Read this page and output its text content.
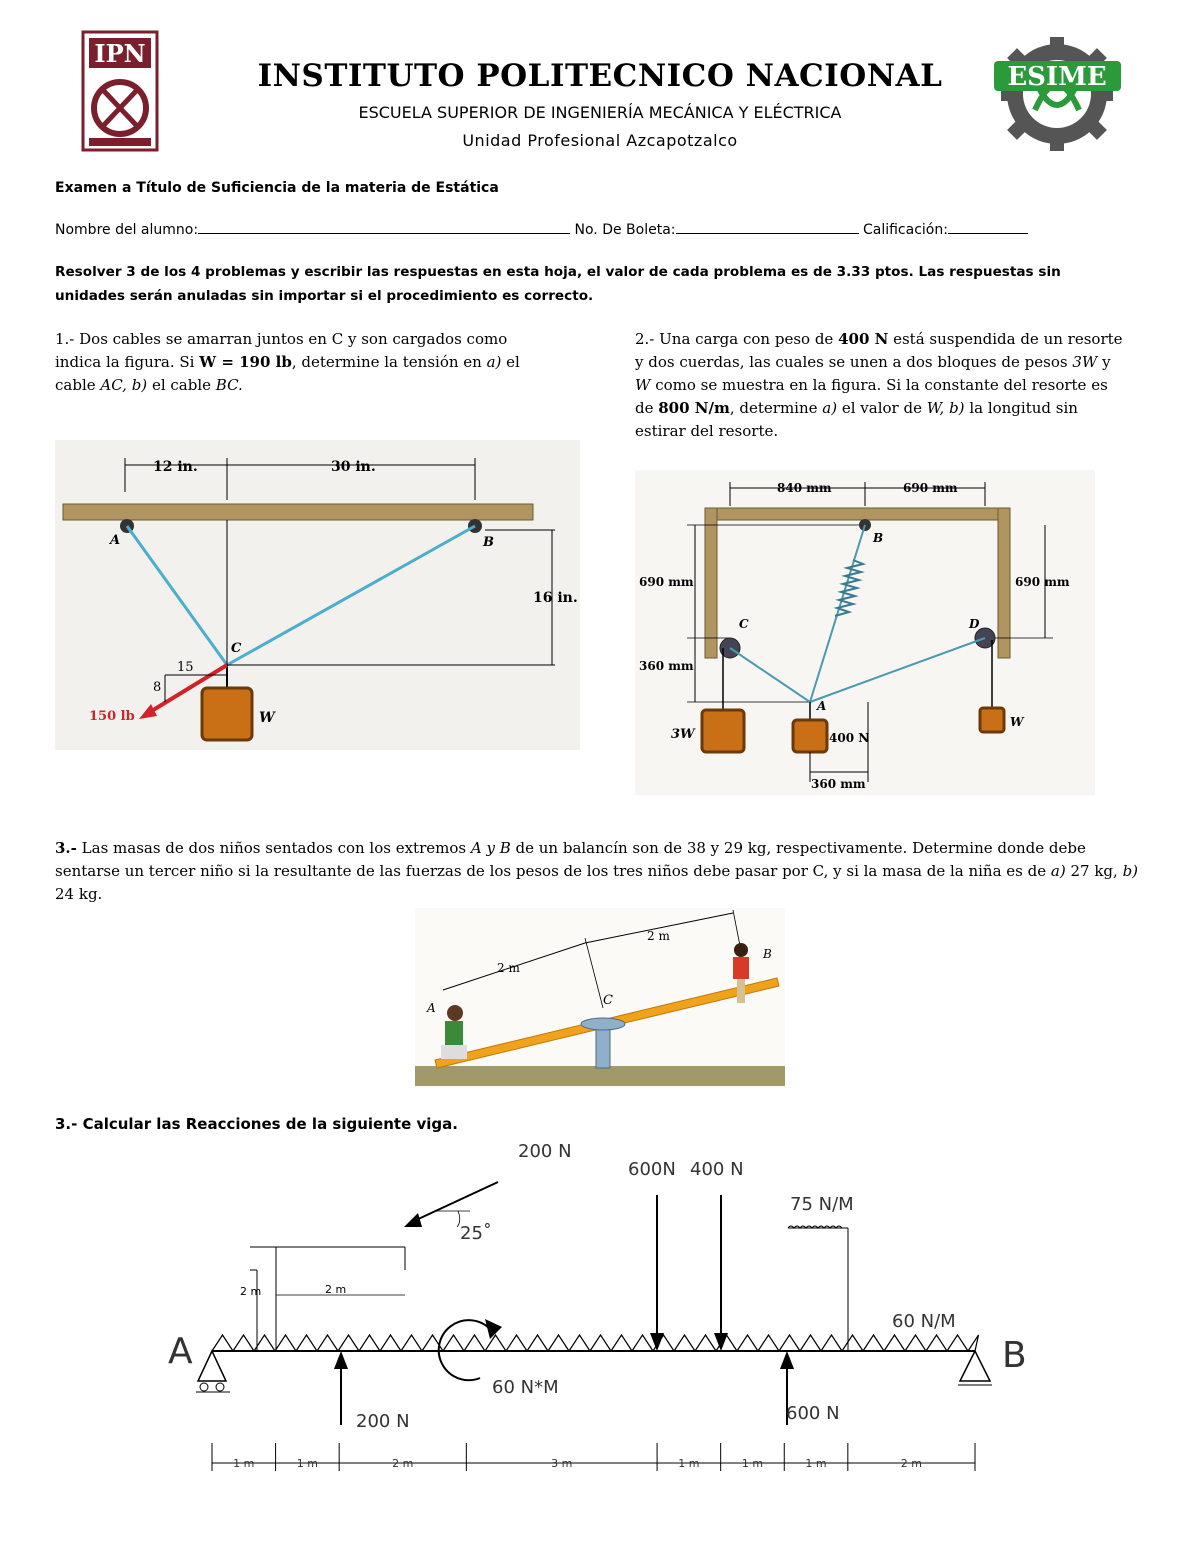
IPN
INSTITUTO POLITECNICO NACIONAL
ESCUELA SUPERIOR DE INGENIERÍA MECÁNICA Y ELÉCTRICA
Unidad Profesional Azcapotzalco
ESIME
Examen a Título de Suficiencia de la materia de Estática
Nombre del alumno:	No. De Boleta:	Calificación:
Resolver 3 de los 4 problemas y escribir las respuestas en esta hoja, el valor de cada problema es de 3.33 ptos. Las respuestas sin unidades serán anuladas sin importar si el procedimiento es correcto.
1.- Dos cables se amarran juntos en C y son cargados como indica la figura. Si W = 190 lb, determine la tensión en a) el cable AC, b) el cable BC.
12 in.	30 in.
A	B
16 in.
C
W
15
8
150 lb
2.- Una carga con peso de 400 N está suspendida de un resorte y dos cuerdas, las cuales se unen a dos bloques de pesos 3W y W como se muestra en la figura. Si la constante del resorte es de 800 N/m, determine a) el valor de W, b) la longitud sin estirar del resorte.
840 mm	690 mm
690 mm
360 mm
690 mm
B
C	D
A
3W	400 N
W
360 mm
3.- Las masas de dos niños sentados con los extremos A y B de un balancín son de 38 y 29 kg, respectivamente. Determine donde debe sentarse un tercer niño si la resultante de las fuerzas de los pesos de los tres niños debe pasar por C, y si la masa de la niña es de a) 27 kg, b) 24 kg.
2 m
2 m
C
A
B
3.- Calcular las Reacciones de la siguiente viga.
A	B
2 m
2 m
200 N
25˚
600N 400 N
75 N/M
60 N/M
60 N*M
200 N	600 N
1 m	1 m	2 m	3 m	1 m	1 m	1 m	2 m
